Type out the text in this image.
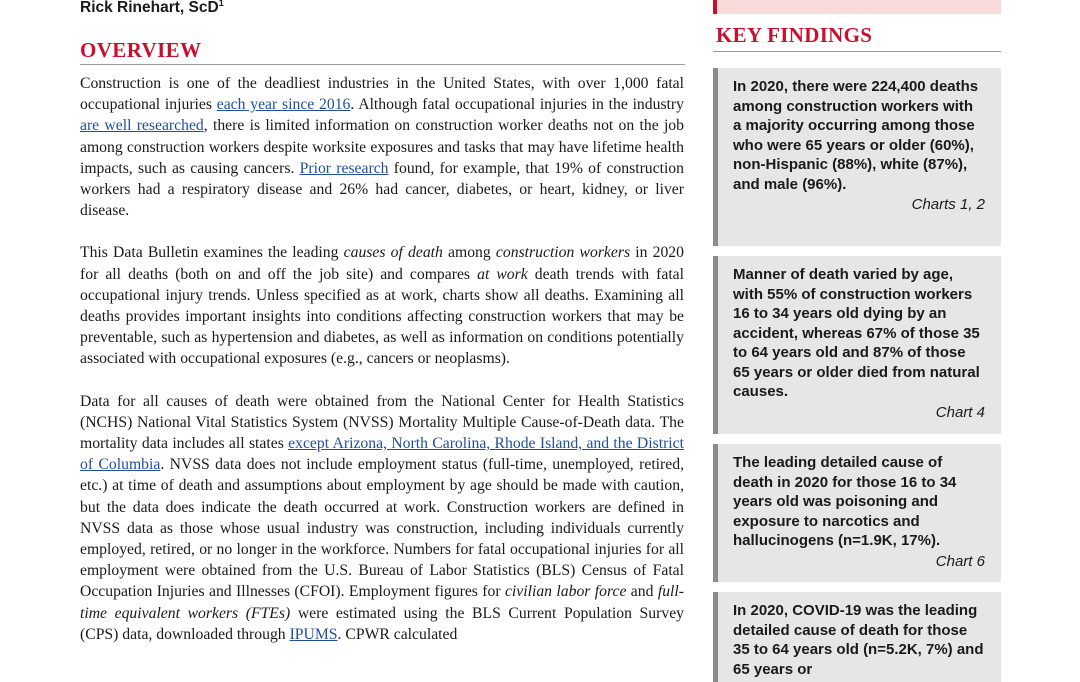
Rick Rinehart, ScD$^1$
OVERVIEW

Construction is one of the deadliest industries in the United States, with over 1,000 fatal occupational injuries each year since 2016. Although fatal occupational injuries in the industry are well researched, there is limited information on construction worker deaths not on the job among construction workers despite worksite exposures and tasks that may have lifetime health impacts, such as causing cancers. Prior research found, for example, that 19% of construction workers had a respiratory disease and 26% had cancer, diabetes, or heart, kidney, or liver disease.

This Data Bulletin examines the leading causes of death among construction workers in 2020 for all deaths (both on and off the job site) and compares at work death trends with fatal occupational injury trends. Unless specified as at work, charts show all deaths. Examining all deaths provides important insights into conditions affecting construction workers that may be preventable, such as hypertension and diabetes, as well as information on conditions potentially associated with occupational exposures (e.g., cancers or neoplasms).

Data for all causes of death were obtained from the National Center for Health Statistics (NCHS) National Vital Statistics System (NVSS) Mortality Multiple Cause-of-Death data. The mortality data includes all states except Arizona, North Carolina, Rhode Island, and the District of Columbia. NVSS data does not include employment status (full-time, unemployed, retired, etc.) at time of death and assumptions about employment by age should be made with caution, but the data does indicate the death occurred at work. Construction workers are defined in NVSS data as those whose usual industry was construction, including individuals currently employed, retired, or no longer in the workforce. Numbers for fatal occupational injuries for all employment were obtained from the U.S. Bureau of Labor Statistics (BLS) Census of Fatal Occupation Injuries and Illnesses (CFOI). Employment figures for civilian labor force and full-time equivalent workers (FTEs) were estimated using the BLS Current Population Survey (CPS) data, downloaded through IPUMS. CPWR calculated

KEY FINDINGS
In 2020, there were 224,400 deaths among construction workers with a majority occurring among those who were 65 years or older (60%), non-Hispanic (88%), white (87%), and male (96%).
Charts 1, 2
Manner of death varied by age, with 55% of construction workers 16 to 34 years old dying by an accident, whereas 67% of those 35 to 64 years old and 87% of those 65 years or older died from natural causes.
Chart 4
The leading detailed cause of death in 2020 for those 16 to 34 years old was poisoning and exposure to narcotics and hallucinogens (n=1.9K, 17%).
Chart 6
In 2020, COVID-19 was the leading detailed cause of death for those 35 to 64 years old (n=5.2K, 7%) and 65 years or
